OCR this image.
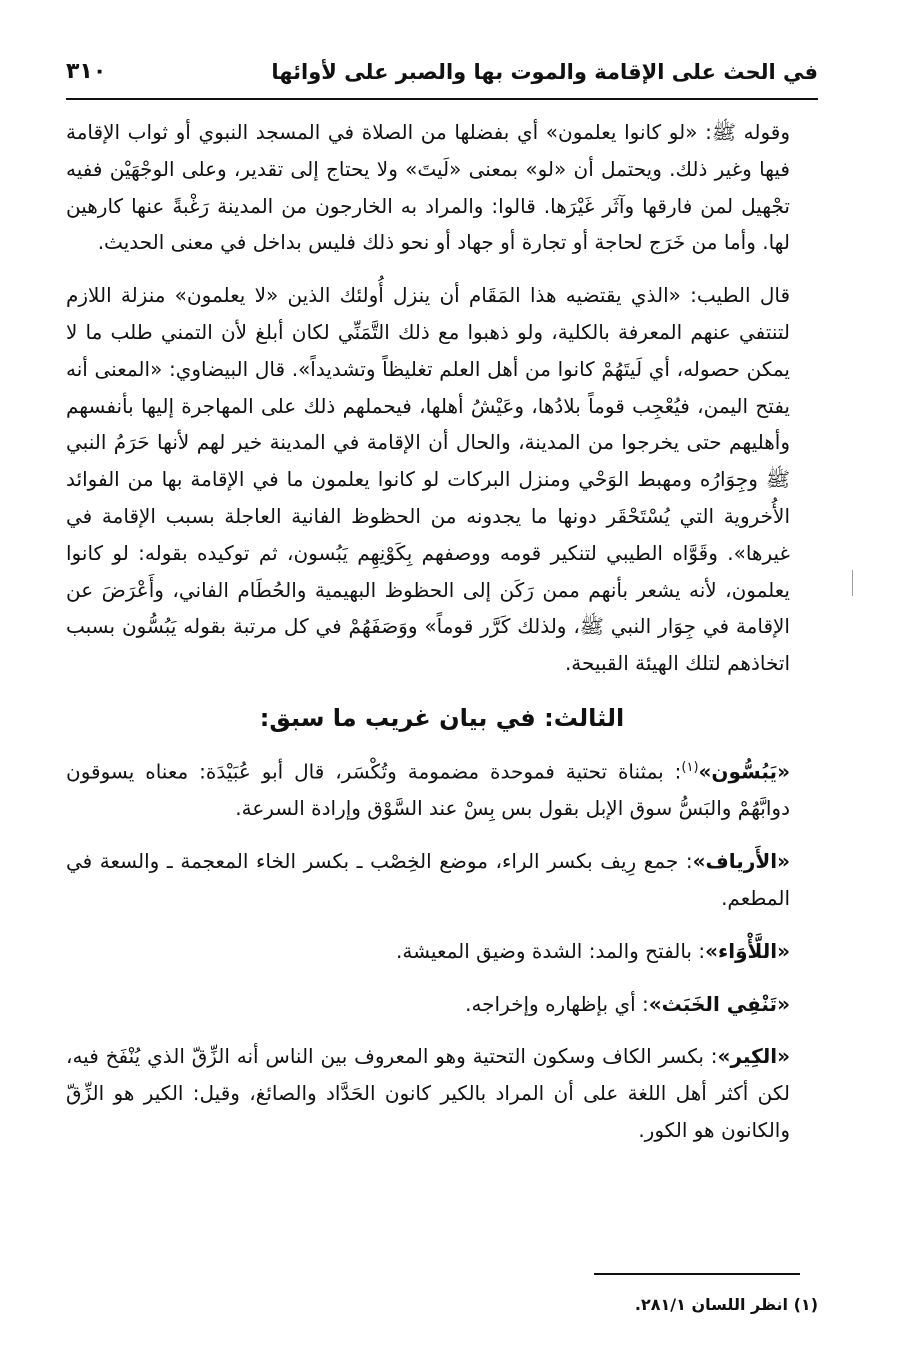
في الحث على الإقامة والموت بها والصبر على لأوائها
٣١٠

وقوله ﷺ: «لو كانوا يعلمون» أي بفضلها من الصلاة في المسجد النبوي أو ثواب الإقامة فيها وغير ذلك. ويحتمل أن «لو» بمعنى «لَيتَ» ولا يحتاج إلى تقدير، وعلى الوجْهَيْن ففيه تجْهيل لمن فارقها وآثَر غَيْرَها. قالوا: والمراد به الخارجون من المدينة رَغْبةً عنها كارهين لها. وأما من خَرَج لحاجة أو تجارة أو جهاد أو نحو ذلك فليس بداخل في معنى الحديث.

قال الطيب: «الذي يقتضيه هذا المَقَام أن ينزل أُولئك الذين «لا يعلمون» منزلة اللازم لتنتفي عنهم المعرفة بالكلية، ولو ذهبوا مع ذلك التَّمَنِّي لكان أبلغ لأن التمني طلب ما لا يمكن حصوله، أي لَيتَهُمْ كانوا من أهل العلم تغليظاً وتشديداً». قال البيضاوي: «المعنى أنه يفتح اليمن، فيُعْجِب قوماً بلادُها، وعَيْشُ أهلها، فيحملهم ذلك على المهاجرة إليها بأنفسهم وأهليهم حتى يخرجوا من المدينة، والحال أن الإقامة في المدينة خير لهم لأنها حَرَمُ النبي ﷺ وجِوَارُه ومهبط الوَحْي ومنزل البركات لو كانوا يعلمون ما في الإقامة بها من الفوائد الأُخروية التي يُسْتَحْقَر دونها ما يجدونه من الحظوظ الفانية العاجلة بسبب الإقامة في غيرها». وقَوَّاه الطيبي لتنكير قومه ووصفهم بِكَوْنِهِم يَبُسون، ثم توكيده بقوله: لو كانوا يعلمون، لأنه يشعر بأنهم ممن رَكَن إلى الحظوظ البهيمية والحُطَام الفاني، وأَعْرَضَ عن الإقامة في جِوَار النبي ﷺ، ولذلك كَرَّر قوماً» ووَصَفَهُمْ في كل مرتبة بقوله يَبُسُّون بسبب اتخاذهم لتلك الهيئة القبيحة.

الثالث: في بيان غريب ما سبق:

«يَبُسُّون»$^{(١)}$: بمثناة تحتية فموحدة مضمومة وتُكْسَر، قال أبو عُبَيْدَة: معناه يسوقون دوابَّهُمْ والبَسُّ سوق الإبل بقول بس بِسْ عند السَّوْق وإرادة السرعة.

«الأَرياف»: جمع رِيف بكسر الراء، موضع الخِصْب ـ بكسر الخاء المعجمة ـ والسعة في المطعم.

«اللَّأْوَاء»: بالفتح والمد: الشدة وضيق المعيشة.

«تَنْفِي الخَبَث»: أي بإظهاره وإخراجه.

«الكِير»: بكسر الكاف وسكون التحتية وهو المعروف بين الناس أنه الزِّقّ الذي يُنْفَخ فيه، لكن أكثر أهل اللغة على أن المراد بالكير كانون الحَدَّاد والصائغ، وقيل: الكير هو الزِّقّ والكانون هو الكور.

(١) انظر اللسان ٢٨١/١.
